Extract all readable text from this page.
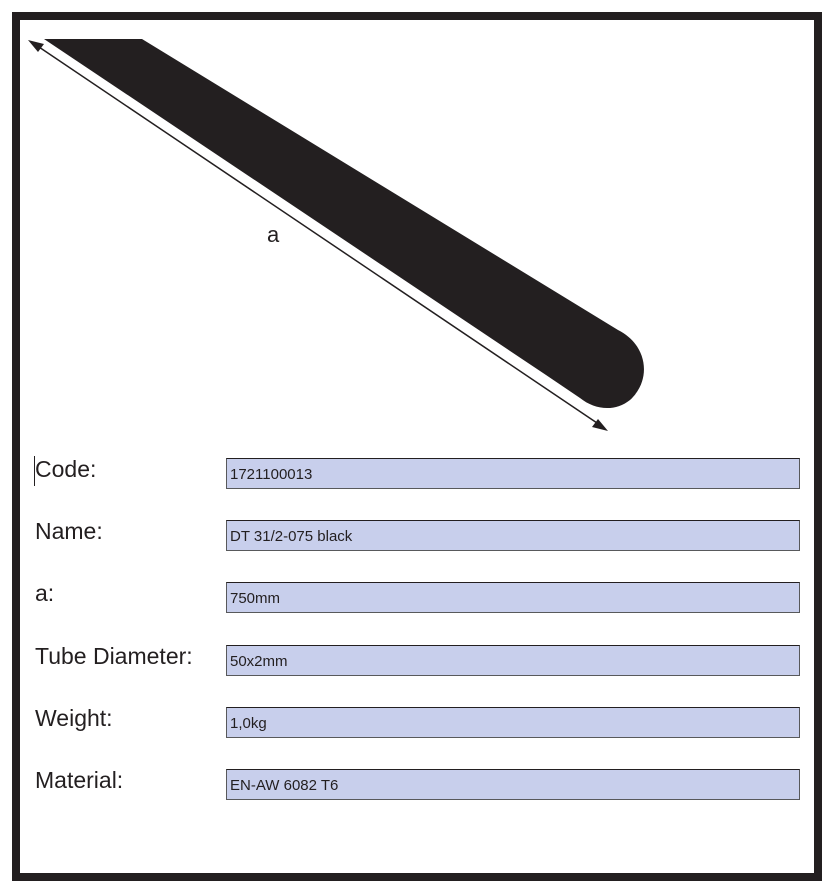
a
Code:	1721100013
Name:	DT 31/2-075 black
a:	750mm
Tube Diameter: 50x2mm
Weight:	1,0kg
Material:	EN-AW 6082 T6
